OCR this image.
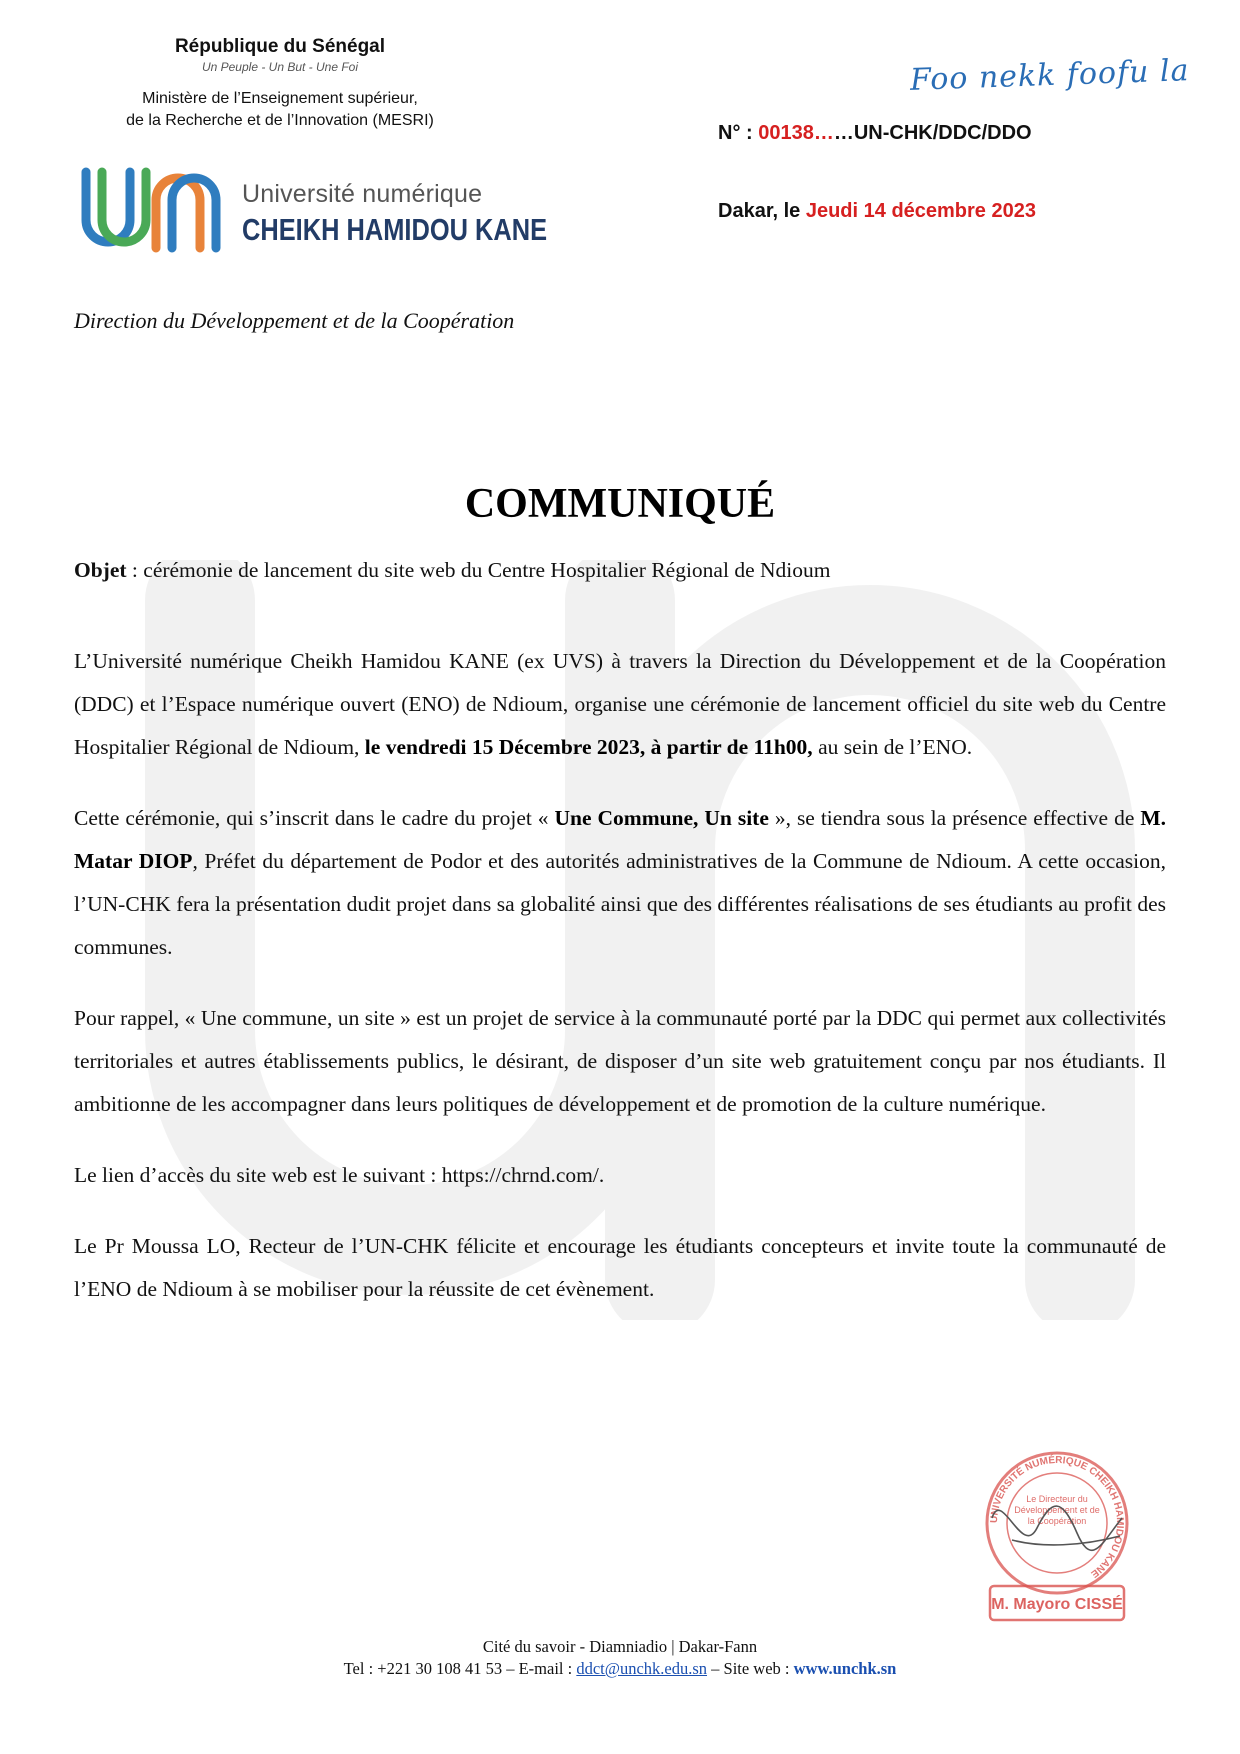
République du Sénégal
Un Peuple - Un But - Une Foi
Ministère de l’Enseignement supérieur,
de la Recherche et de l’Innovation (MESRI)
Université numérique
CHEIKH HAMIDOU KANE
Foo nekk foofu la
N° : 00138……UN-CHK/DDC/DDO
Dakar, le Jeudi 14 décembre 2023
Direction du Développement et de la Coopération
COMMUNIQUÉ
Objet : cérémonie de lancement du site web du Centre Hospitalier Régional de Ndioum

L’Université numérique Cheikh Hamidou KANE (ex UVS) à travers la Direction du Développement et de la Coopération (DDC) et l’Espace numérique ouvert (ENO) de Ndioum, organise une cérémonie de lancement officiel du site web du Centre Hospitalier Régional de Ndioum, le vendredi 15 Décembre 2023, à partir de 11h00, au sein de l’ENO.

Cette cérémonie, qui s’inscrit dans le cadre du projet « Une Commune, Un site », se tiendra sous la présence effective de M. Matar DIOP, Préfet du département de Podor et des autorités administratives de la Commune de Ndioum. A cette occasion, l’UN-CHK fera la présentation dudit projet dans sa globalité ainsi que des différentes réalisations de ses étudiants au profit des communes.

Pour rappel, « Une commune, un site » est un projet de service à la communauté porté par la DDC qui permet aux collectivités territoriales et autres établissements publics, le désirant, de disposer d’un site web gratuitement conçu par nos étudiants. Il ambitionne de les accompagner dans leurs politiques de développement et de promotion de la culture numérique.

Le lien d’accès du site web est le suivant : https://chrnd.com/.

Le Pr Moussa LO, Recteur de l’UN-CHK félicite et encourage les étudiants concepteurs et invite toute la communauté de l’ENO de Ndioum à se mobiliser pour la réussite de cet évènement.

UNIVERSITÉ NUMÉRIQUE CHEIKH HAMIDOU KANE
Le Directeur du Développement et de la Coopération
M. Mayoro CISSÉ
Cité du savoir - Diamniadio | Dakar-Fann
Tel : +221 30 108 41 53 – E-mail : ddct@unchk.edu.sn – Site web : www.unchk.sn
